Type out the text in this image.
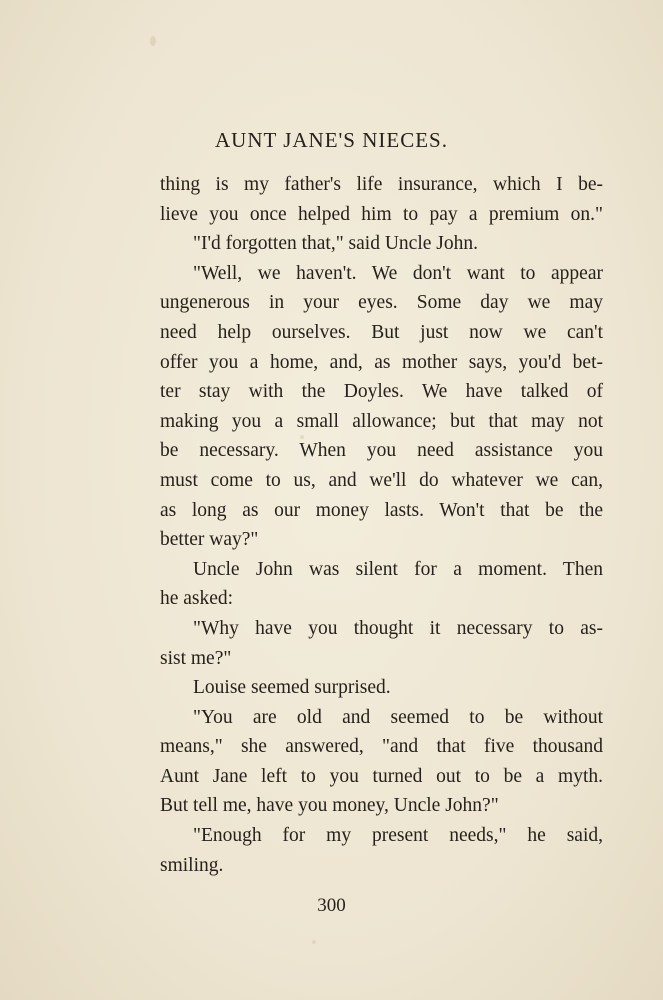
AUNT JANE'S NIECES.
thing is my father's life insurance, which I be-
lieve you once helped him to pay a premium on."
"I'd forgotten that," said Uncle John.
"Well, we haven't. We don't want to appear
ungenerous in your eyes. Some day we may
need help ourselves. But just now we can't
offer you a home, and, as mother says, you'd bet-
ter stay with the Doyles. We have talked of
making you a small allowance; but that may not
be necessary. When you need assistance you
must come to us, and we'll do whatever we can,
as long as our money lasts. Won't that be the
better way?"
Uncle John was silent for a moment. Then
he asked:
"Why have you thought it necessary to as-
sist me?"
Louise seemed surprised.
"You are old and seemed to be without
means," she answered, "and that five thousand
Aunt Jane left to you turned out to be a myth.
But tell me, have you money, Uncle John?"
"Enough for my present needs," he said,
smiling.
300
